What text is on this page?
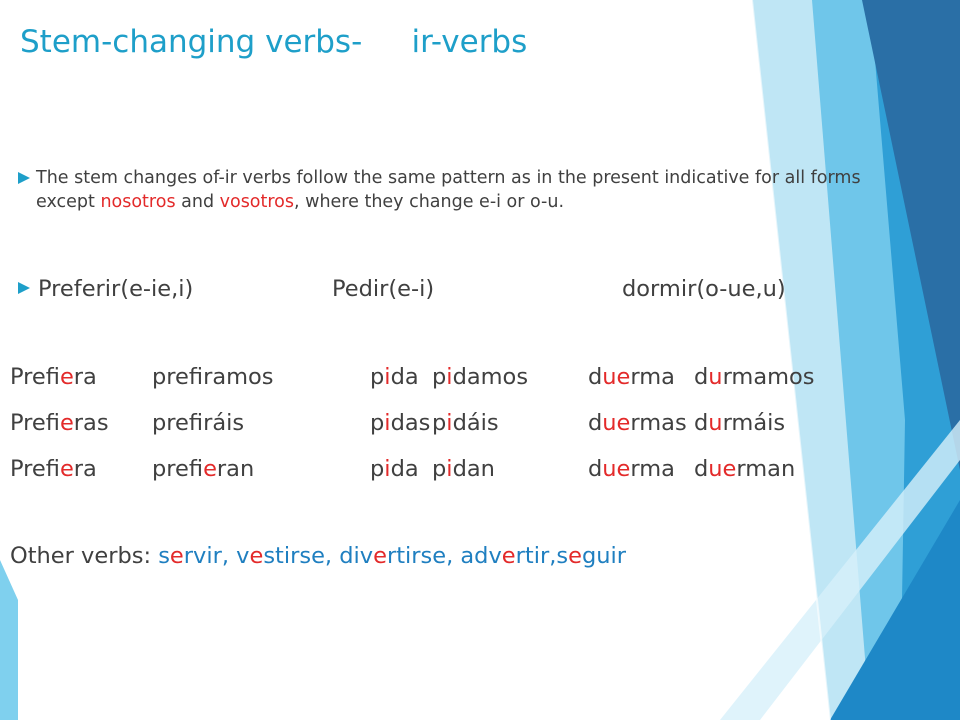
Stem-changing verbs-     ir-verbs
The stem changes of-ir verbs follow the same pattern as in the present indicative for all forms except nosotros and vosotros, where they change e-i or o-u.
Preferir(e-ie,i)	Pedir(e-i)	dormir(o-ue,u)
Prefiera preframos	pida pidamos	duerma durmamos
Prefieras prefráis	pidas pidáis	duermas durmáis
Prefiera prefieran	pida pidan	duerma duerman
Other verbs: servir, vestirse, divertirse, advertir,seguir
